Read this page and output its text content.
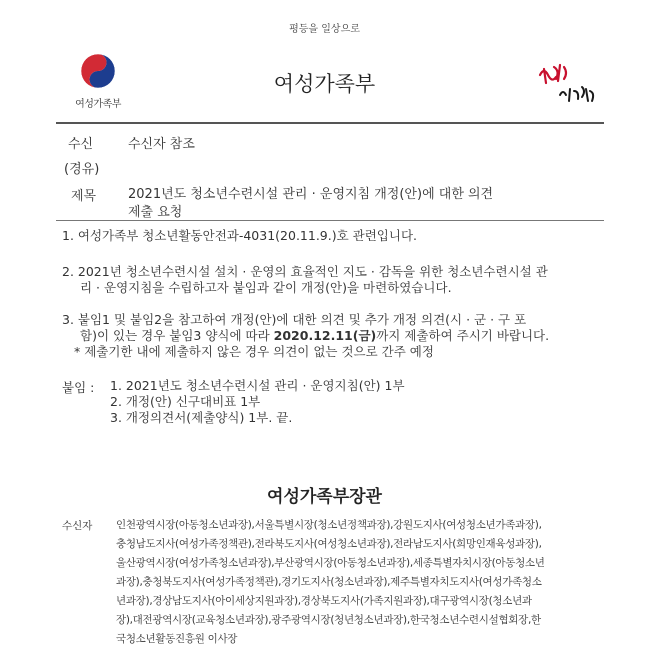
평등을 일상으로
여성가족부
여성가족부
수신	수신자 참조
(경유)
제목 2021년도 청소년수련시설 관리 · 운영지침 개정(안)에 대한 의견
제출 요청
1. 여성가족부 청소년활동안전과-4031(20.11.9.)호 관련입니다.
2. 2021년 청소년수련시설 설치 · 운영의 효율적인 지도 · 감독을 위한 청소년수련시설 관
리 · 운영지침을 수립하고자 붙임과 같이 개정(안)을 마련하였습니다.
3. 붙임1 및 붙임2을 참고하여 개정(안)에 대한 의견 및 추가 개정 의견(시 · 군 · 구 포
함)이 있는 경우 붙임3 양식에 따라 2020.12.11(금)까지 제출하여 주시기 바랍니다.
* 제출기한 내에 제출하지 않은 경우 의견이 없는 것으로 간주 예정
붙임 : 1. 2021년도 청소년수련시설 관리 · 운영지침(안) 1부
2. 개정(안) 신구대비표 1부
3. 개정의견서(제출양식) 1부. 끝.
여성가족부장관
수신자 인천광역시장(아동청소년과장),서울특별시장(청소년정책과장),강원도지사(여성청소년가족과장),
충청남도지사(여성가족정책관),전라북도지사(여성청소년과장),전라남도지사(희망인재육성과장),
울산광역시장(여성가족청소년과장),부산광역시장(아동청소년과장),세종특별자치시장(아동청소년
과장),충청북도지사(여성가족정책관),경기도지사(청소년과장),제주특별자치도지사(여성가족청소
년과장),경상남도지사(아이세상지원과장),경상북도지사(가족지원과장),대구광역시장(청소년과
장),대전광역시장(교육청소년과장),광주광역시장(청년청소년과장),한국청소년수련시설협회장,한
국청소년활동진흥원 이사장
